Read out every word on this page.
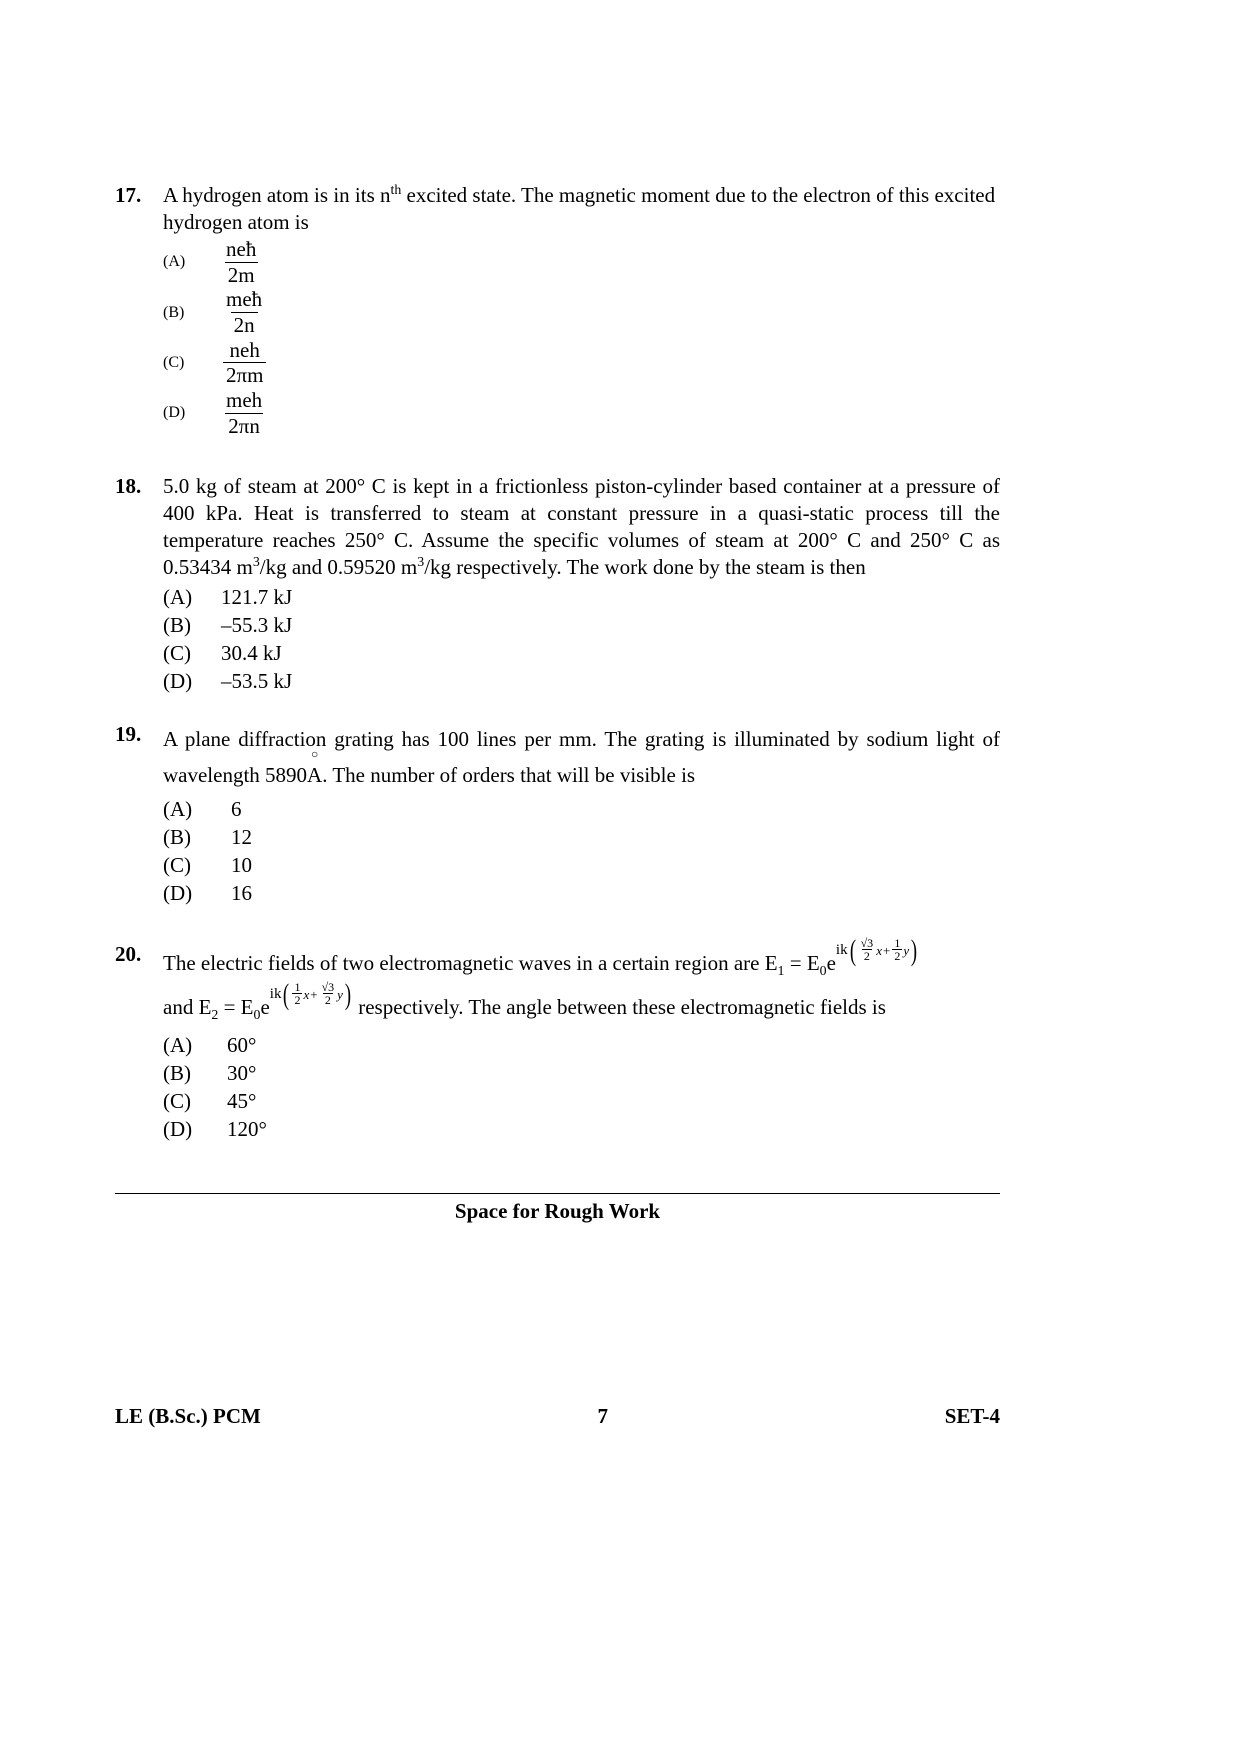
17.	A hydrogen atom is in its $n^{th}$ excited state. The magnetic moment due to the electron of this excited hydrogen atom is
(A)	$\frac{\text{neħ}}{2m}$
(B)	$\frac{\text{meħ}}{2n}$
(C)	$\frac{\text{neh}}{2\pi m}$
(D)	$\frac{\text{meh}}{2\pi n}$
18.	5.0 kg of steam at 200° C is kept in a frictionless piston-cylinder based container at a pressure of 400 kPa. Heat is transferred to steam at constant pressure in a quasi-static process till the temperature reaches 250° C. Assume the specific volumes of steam at 200° C and 250° C as 0.53434 $m^3/kg$ and 0.59520 $m^3/kg$ respectively. The work done by the steam is then
(A)	121.7 kJ
(B)	–55.3 kJ
(C)	30.4 kJ
(D)	–53.5 kJ
19.	A plane diffraction grating has 100 lines per mm. The grating is illuminated by sodium light of wavelength 5890
○
A. The number of orders that will be visible is
(A)	6
(B)	12
(C)	10
(D)	16
20.	The electric fields of two electromagnetic waves in a certain region are $E_1 = E_0e$
ik ( $\frac{√3}{2}$ $x + \frac{1}{2}$ y )

and $E_2 = E_0e$
ik ( $\frac{1}{2}$ $x + \frac{√3}{2}$ y ) respectively. The angle between these electromagnetic fields is
(A)	60°
(B)	30°
(C)	45°
(D)	120°
Space for Rough Work
LE (B.Sc.) PCM	7	SET-4
